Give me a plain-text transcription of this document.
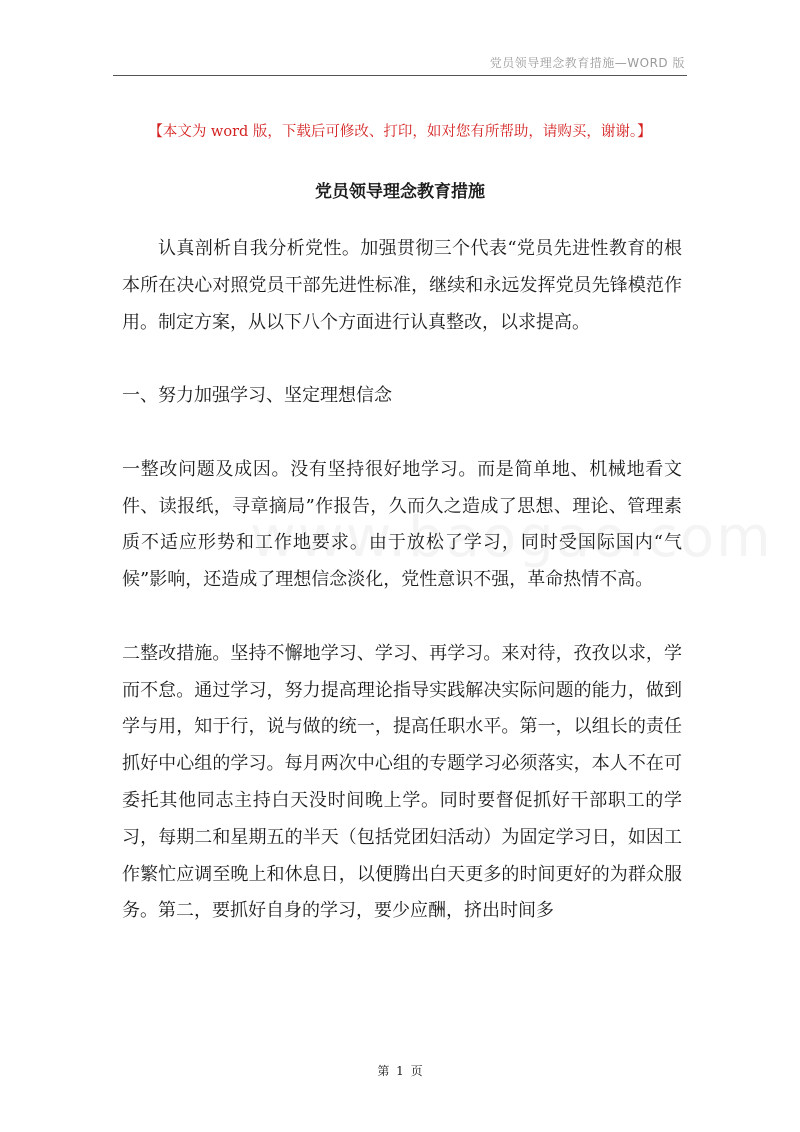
党员领导理念教育措施—WORD 版
【本文为 word 版，下载后可修改、打印，如对您有所帮助，请购买，谢谢。】
党员领导理念教育措施

认真剖析自我分析党性。加强贯彻三个代表“党员先进性教育的根本所在决心对照党员干部先进性标准，继续和永远发挥党员先锋模范作用。制定方案，从以下八个方面进行认真整改，以求提高。

一、努力加强学习、坚定理想信念

一整改问题及成因。没有坚持很好地学习。而是简单地、机械地看文件、读报纸，寻章摘局”作报告，久而久之造成了思想、理论、管理素质不适应形势和工作地要求。由于放松了学习，同时受国际国内“气候”影响，还造成了理想信念淡化，党性意识不强，革命热情不高。

二整改措施。坚持不懈地学习、学习、再学习。来对待，孜孜以求，学而不怠。通过学习，努力提高理论指导实践解决实际问题的能力，做到学与用，知于行，说与做的统一，提高任职水平。第一，以组长的责任抓好中心组的学习。每月两次中心组的专题学习必须落实，本人不在可委托其他同志主持白天没时间晚上学。同时要督促抓好干部职工的学习，每期二和星期五的半天（包括党团妇活动）为固定学习日，如因工作繁忙应调至晚上和休息日，以便腾出白天更多的时间更好的为群众服务。第二，要抓好自身的学习，要少应酬，挤出时间多

第 1 页
